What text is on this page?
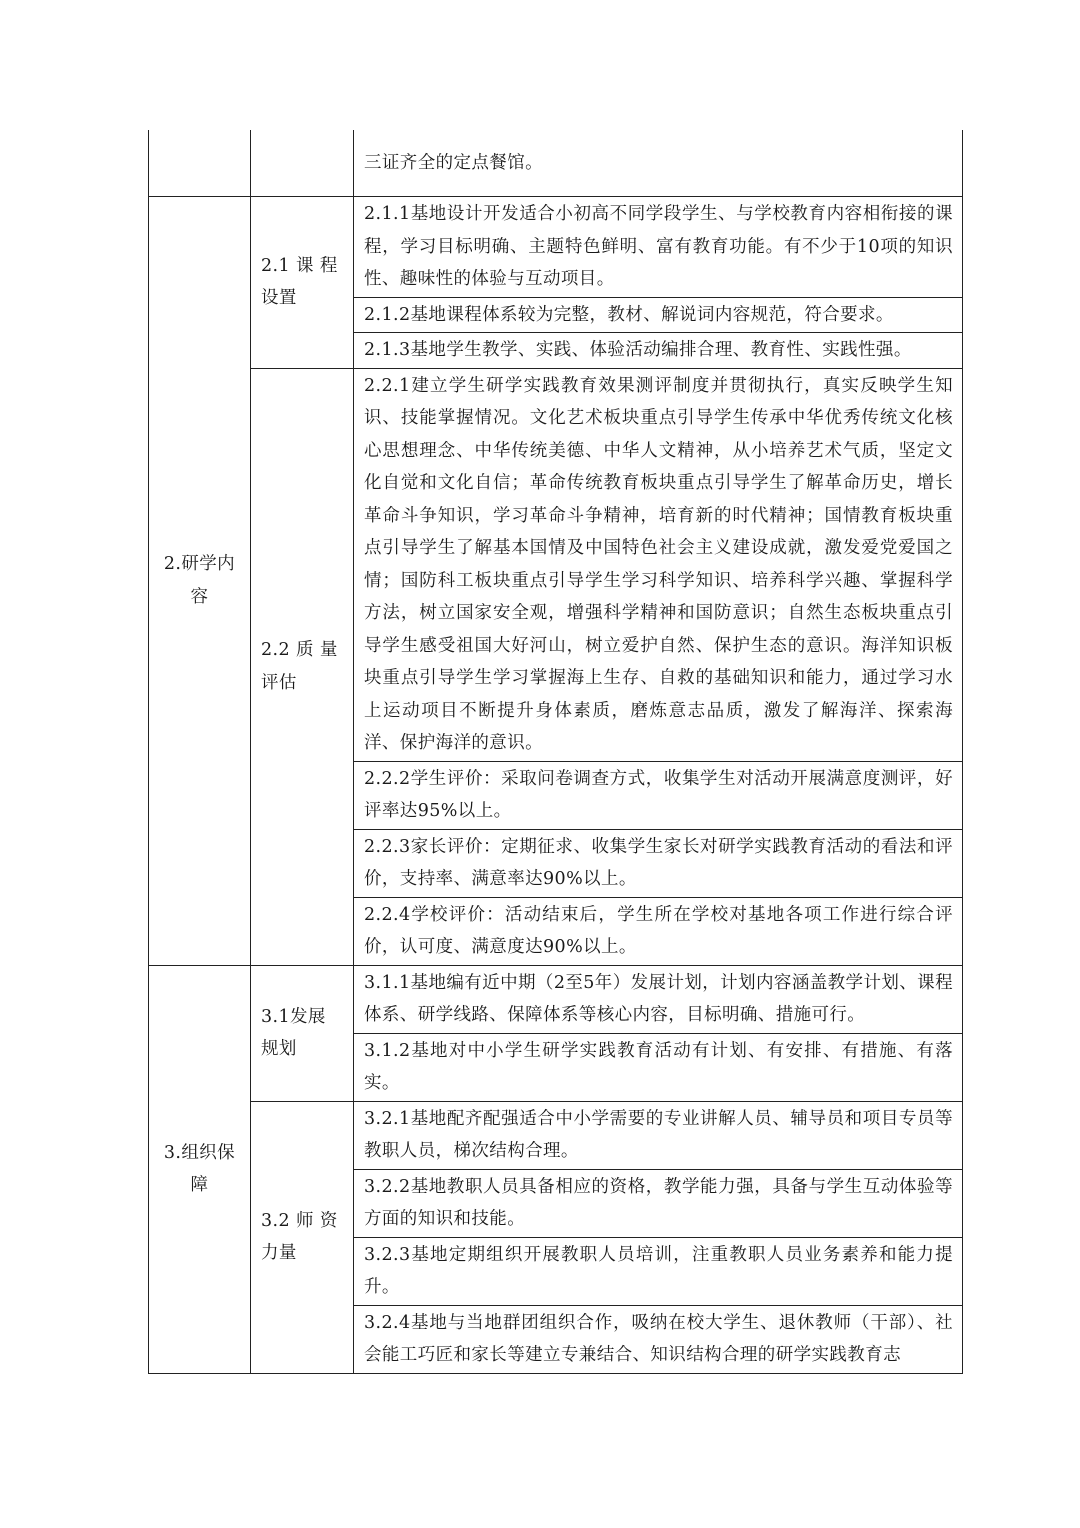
		三证齐全的定点餐馆。
2.研学内容	2.1 课 程设置	2.1.1基地设计开发适合小初高不同学段学生、与学校教育内容相衔接的课程，学习目标明确、主题特色鲜明、富有教育功能。有不少于10项的知识性、趣味性的体验与互动项目。
		2.1.2基地课程体系较为完整，教材、解说词内容规范，符合要求。
		2.1.3基地学生教学、实践、体验活动编排合理、教育性、实践性强。
	2.2 质 量评估	2.2.1建立学生研学实践教育效果测评制度并贯彻执行，真实反映学生知识、技能掌握情况。文化艺术板块重点引导学生传承中华优秀传统文化核心思想理念、中华传统美德、中华人文精神，从小培养艺术气质，坚定文化自觉和文化自信；革命传统教育板块重点引导学生了解革命历史，增长革命斗争知识，学习革命斗争精神，培育新的时代精神；国情教育板块重点引导学生了解基本国情及中国特色社会主义建设成就，激发爱党爱国之情；国防科工板块重点引导学生学习科学知识、培养科学兴趣、掌握科学方法，树立国家安全观，增强科学精神和国防意识；自然生态板块重点引导学生感受祖国大好河山，树立爱护自然、保护生态的意识。海洋知识板块重点引导学生学习掌握海上生存、自救的基础知识和能力，通过学习水上运动项目不断提升身体素质，磨炼意志品质，激发了解海洋、探索海洋、保护海洋的意识。
		2.2.2学生评价：采取问卷调查方式，收集学生对活动开展满意度测评，好评率达95%以上。
		2.2.3家长评价：定期征求、收集学生家长对研学实践教育活动的看法和评价，支持率、满意率达90%以上。
		2.2.4学校评价：活动结束后，学生所在学校对基地各项工作进行综合评价，认可度、满意度达90%以上。
3.组织保障	3.1发展规划	3.1.1基地编有近中期（2至5年）发展计划，计划内容涵盖教学计划、课程体系、研学线路、保障体系等核心内容，目标明确、措施可行。
		3.1.2基地对中小学生研学实践教育活动有计划、有安排、有措施、有落实。
	3.2 师 资力量	3.2.1基地配齐配强适合中小学需要的专业讲解人员、辅导员和项目专员等教职人员，梯次结构合理。
		3.2.2基地教职人员具备相应的资格，教学能力强，具备与学生互动体验等方面的知识和技能。
		3.2.3基地定期组织开展教职人员培训，注重教职人员业务素养和能力提升。
		3.2.4基地与当地群团组织合作，吸纳在校大学生、退休教师（干部）、社会能工巧匠和家长等建立专兼结合、知识结构合理的研学实践教育志
